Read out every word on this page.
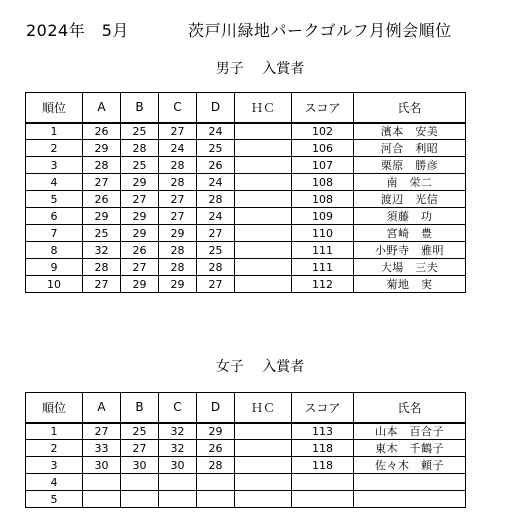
2024年　5月	茨戸川緑地パークゴルフ月例会順位
男子　 入賞者
順位	A	B	C	D	ＨＣ	スコア	氏名
1	26	25	27	24		102	濱本　安美
2	29	28	24	25		106	河合　利昭
3	28	25	28	26		107	栗原　勝彦
4	27	29	28	24		108	南　栄二
5	26	27	27	28		108	渡辺　光信
6	29	29	27	24		109	須藤　功
7	25	29	29	27		110	宮崎　豊
8	32	26	28	25		111	小野寺　雅明
9	28	27	28	28		111	大場　三夫
10	27	29	29	27		112	菊地　実
女子　 入賞者
順位	A	B	C	D	ＨＣ	スコア	氏名
1	27	25	32	29		113	山本　百合子
2	33	27	32	26		118	東木　千鶴子
3	30	30	30	28		118	佐々木　頼子
4							
5							
